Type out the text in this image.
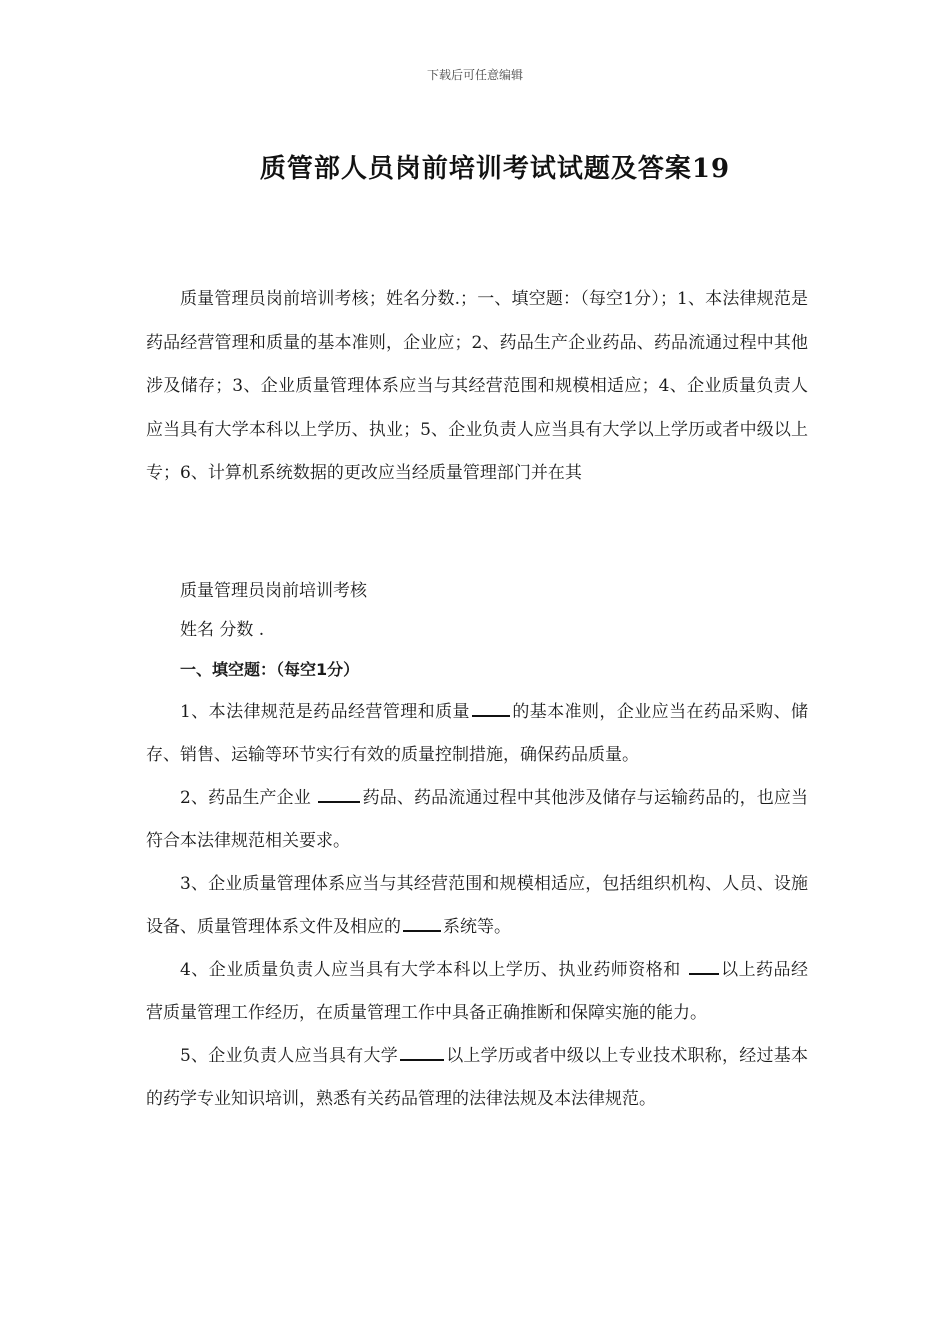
下载后可任意编辑
质管部人员岗前培训考试试题及答案19

质量管理员岗前培训考核；姓名分数.；一、填空题：（每空1分）；1、本法律规范是药品经营管理和质量的基本准则，企业应；2、药品生产企业药品、药品流通过程中其他涉及储存；3、企业质量管理体系应当与其经营范围和规模相适应；4、企业质量负责人应当具有大学本科以上学历、执业；5、企业负责人应当具有大学以上学历或者中级以上专；6、计算机系统数据的更改应当经质量管理部门并在其

质量管理员岗前培训考核

姓名 分数 .

一、填空题：（每空1分）

1、本法律规范是药品经营管理和质量 的基本准则，企业应当在药品采购、储存、销售、运输等环节实行有效的质量控制措施，确保药品质量。

2、药品生产企业	药品、药品流通过程中其他涉及储存与运输药品的，也应当符合本法律规范相关要求。

3、企业质量管理体系应当与其经营范围和规模相适应，包括组织机构、人员、设施设备、质量管理体系文件及相应的 系统等。

4、企业质量负责人应当具有大学本科以上学历、执业药师资格和 以上药品经营质量管理工作经历，在质量管理工作中具备正确推断和保障实施的能力。

5、企业负责人应当具有大学	以上学历或者中级以上专业技术职称，经过基本的药学专业知识培训，熟悉有关药品管理的法律法规及本法律规范。
